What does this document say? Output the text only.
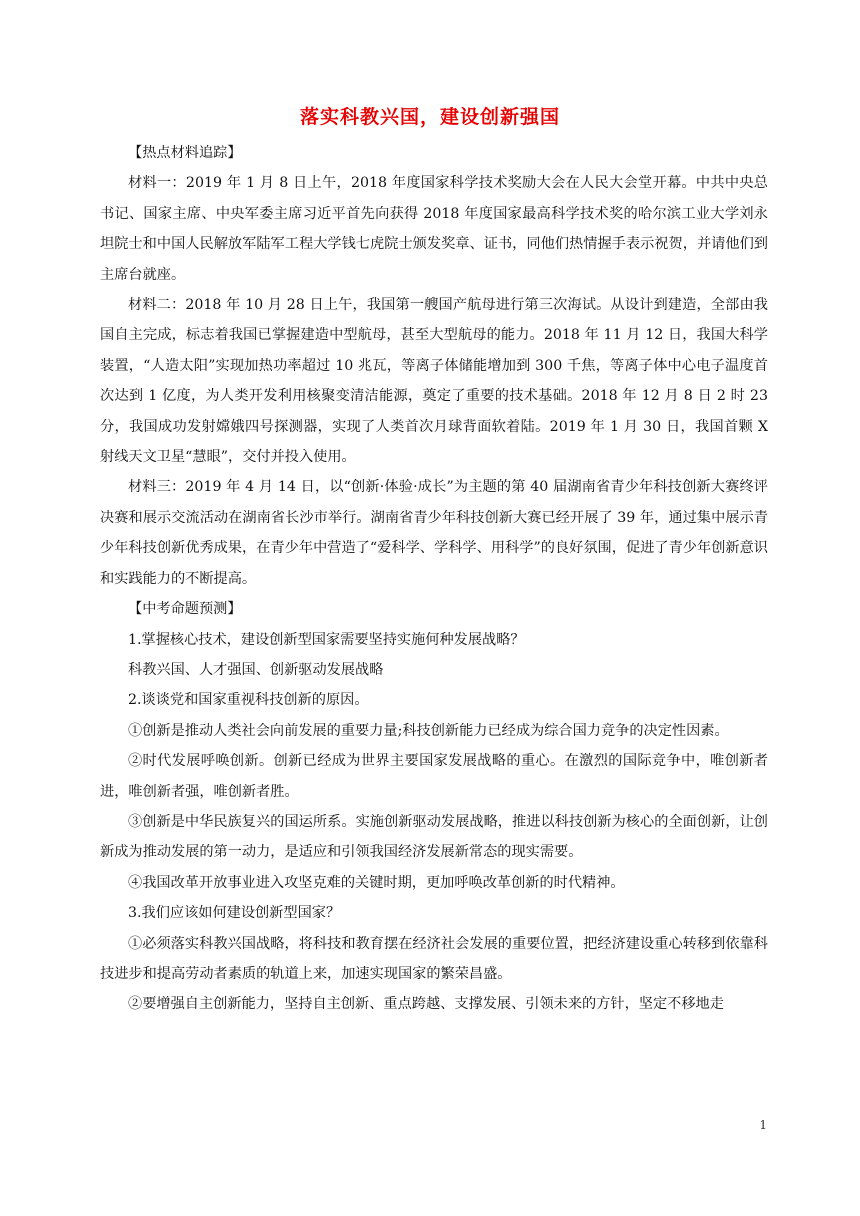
落实科教兴国，建设创新强国

【热点材料追踪】

材料一：2019 年 1 月 8 日上午，2018 年度国家科学技术奖励大会在人民大会堂开幕。中共中央总书记、国家主席、中央军委主席习近平首先向获得 2018 年度国家最高科学技术奖的哈尔滨工业大学刘永坦院士和中国人民解放军陆军工程大学钱七虎院士颁发奖章、证书，同他们热情握手表示祝贺，并请他们到主席台就座。

材料二：2018 年 10 月 28 日上午，我国第一艘国产航母进行第三次海试。从设计到建造，全部由我国自主完成，标志着我国已掌握建造中型航母，甚至大型航母的能力。2018 年 11 月 12 日，我国大科学装置，“人造太阳”实现加热功率超过 10 兆瓦，等离子体储能增加到 300 千焦，等离子体中心电子温度首次达到 1 亿度，为人类开发利用核聚变清洁能源，奠定了重要的技术基础。2018 年 12 月 8 日 2 时 23 分，我国成功发射嫦娥四号探测器，实现了人类首次月球背面软着陆。2019 年 1 月 30 日，我国首颗 X 射线天文卫星“慧眼”，交付并投入使用。

材料三：2019 年 4 月 14 日，以“创新·体验·成长”为主题的第 40 届湖南省青少年科技创新大赛终评决赛和展示交流活动在湖南省长沙市举行。湖南省青少年科技创新大赛已经开展了 39 年，通过集中展示青少年科技创新优秀成果，在青少年中营造了“爱科学、学科学、用科学”的良好氛围，促进了青少年创新意识和实践能力的不断提高。

【中考命题预测】

1.掌握核心技术，建设创新型国家需要坚持实施何种发展战略？

科教兴国、人才强国、创新驱动发展战略

2.谈谈党和国家重视科技创新的原因。

①创新是推动人类社会向前发展的重要力量;科技创新能力已经成为综合国力竞争的决定性因素。

②时代发展呼唤创新。创新已经成为世界主要国家发展战略的重心。在激烈的国际竞争中，唯创新者进，唯创新者强，唯创新者胜。

③创新是中华民族复兴的国运所系。实施创新驱动发展战略，推进以科技创新为核心的全面创新，让创新成为推动发展的第一动力，是适应和引领我国经济发展新常态的现实需要。

④我国改革开放事业进入攻坚克难的关键时期，更加呼唤改革创新的时代精神。

3.我们应该如何建设创新型国家？

①必须落实科教兴国战略，将科技和教育摆在经济社会发展的重要位置，把经济建设重心转移到依靠科技进步和提高劳动者素质的轨道上来，加速实现国家的繁荣昌盛。

②要增强自主创新能力，坚持自主创新、重点跨越、支撑发展、引领未来的方针，坚定不移地走

1
